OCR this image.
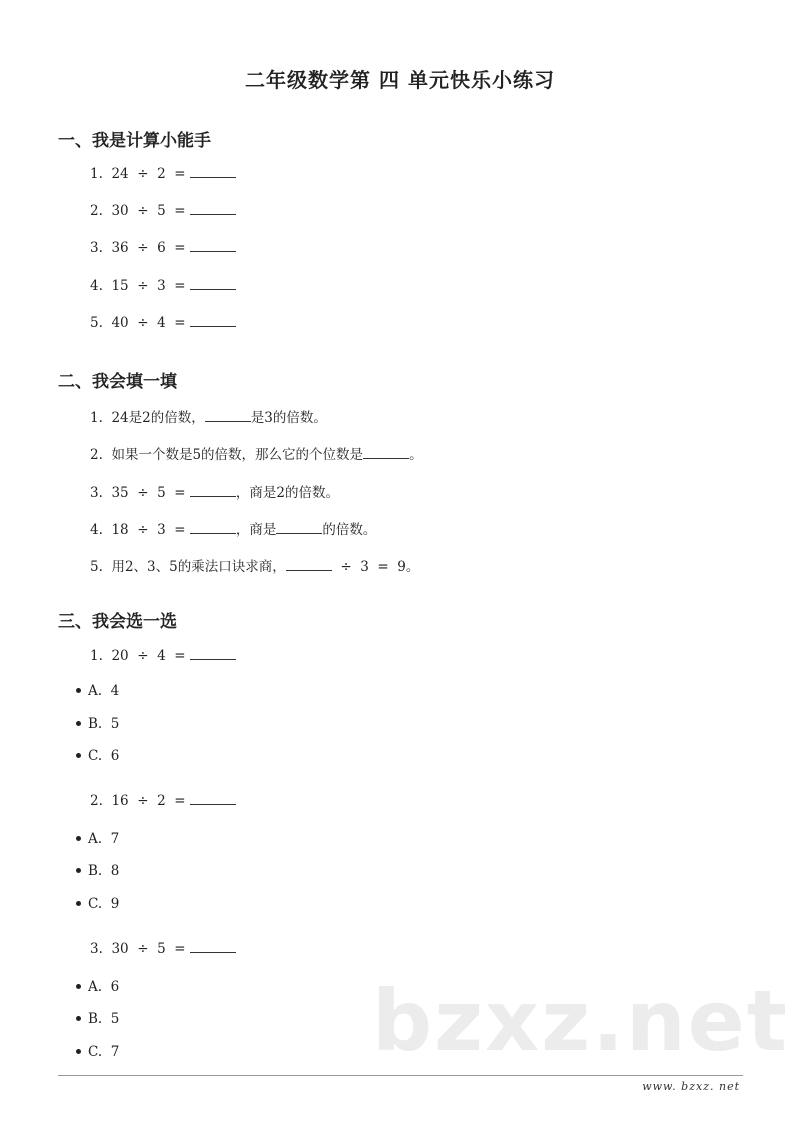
二年级数学第 四 单元快乐小练习
一、我是计算小能手
1.  24  ÷  2  =
2.  30  ÷  5  =
3.  36  ÷  6  =
4.  15  ÷  3  =
5.  40  ÷  4  =
二、我会填一填
1.  24是2的倍数，	是3的倍数。
2.  如果一个数是5的倍数，那么它的个位数是	。
3.  35  ÷  5  =	，商是2的倍数。
4.  18  ÷  3  =	，商是	的倍数。
5.  用2、3、5的乘法口诀求商，	÷  3  =  9。
三、我会选一选
1.  20  ÷  4  =
A.  4
B.  5
C.  6
2.  16  ÷  2  =
A.  7
B.  8
C.  9
3.  30  ÷  5  =
A.  6
B.  5
C.  7	bzxz.net
www. bzxz. net
